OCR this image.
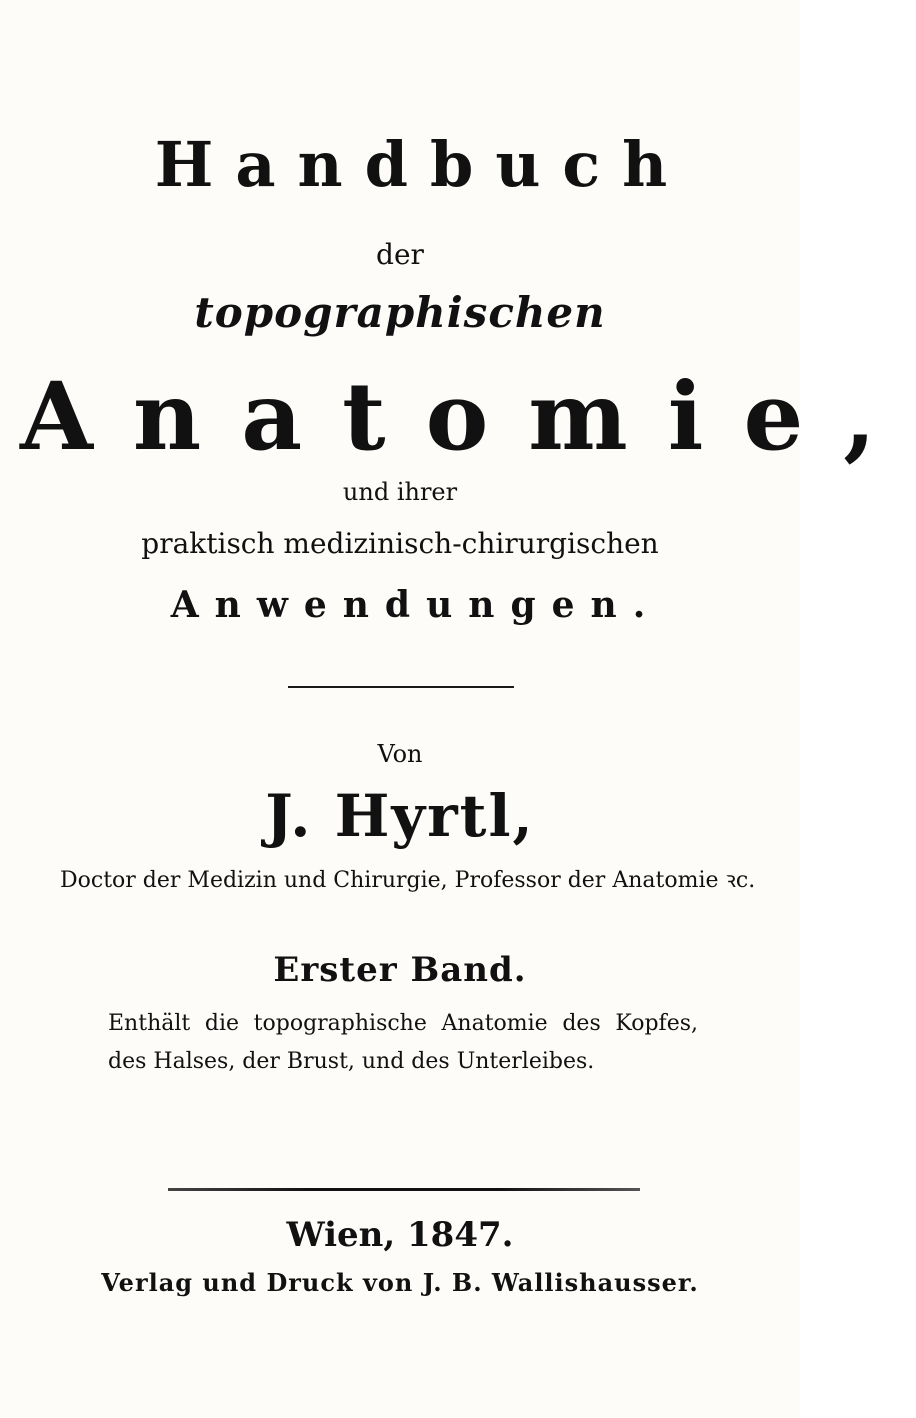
Handbuch
der
topographischen
Anatomie,
und ihrer
praktisch medizinisch-chirurgischen
Anwendungen.
Von
J. Hyrtl,
Doctor der Medizin und Chirurgie, Professor der Anatomie ꝛc.
Erster Band.
Enthält die topographische Anatomie des Kopfes, des Halses, der Brust, und des Unterleibes.
Wien, 1847.
Verlag und Druck von J. B. Wallishausser.
